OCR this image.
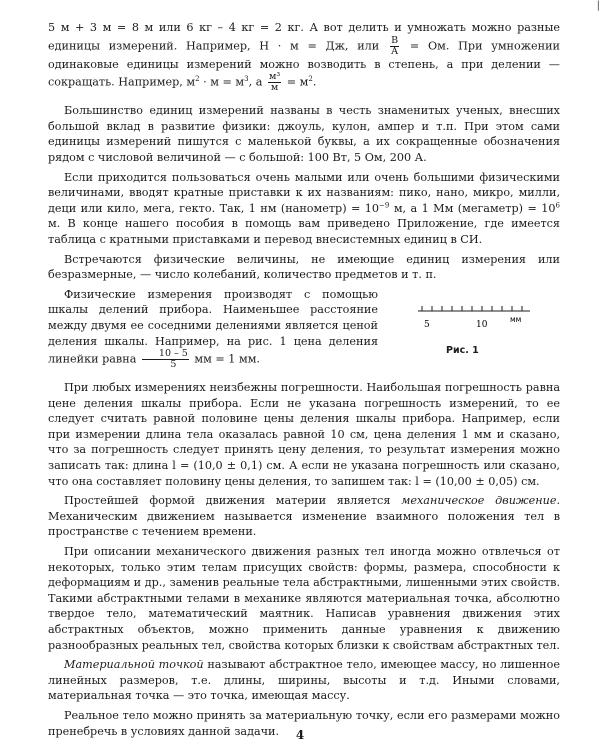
|

5 м + 3 м = 8 м или 6 кг – 4 кг = 2 кг. А вот делить и умножать можно разные единицы измерений. Например, Н · м = Дж, или $\frac{В}{А}$ = Ом. При умножении одинаковые единицы измерений можно возводить в степень, а при делении — сокращать. Например, $м^2 \cdot м = м^3$, а $\frac{\text{м³}}{м} = м^2$.

Большинство единиц измерений названы в честь знаменитых ученых, внесших большой вклад в развитие физики: джоуль, кулон, ампер и т.п. При этом сами единицы измерений пишутся с маленькой буквы, а их сокращенные обозначения рядом с числовой величиной — с большой: 100 Вт, 5 Ом, 200 А.

Если приходится пользоваться очень малыми или очень большими физическими величинами, вводят кратные приставки к их названиям: пико, нано, микро, милли, деци или кило, мега, гекто. Так, 1 нм (нанометр) = $10^{-9}$ м, а 1 Мм (мегаметр) = $10^6$ м. В конце нашего пособия в помощь вам приведено Приложение, где имеется таблица с кратными приставками и перевод внесистемных единиц в СИ.

Встречаются физические величины, не имеющие единиц измерения или безразмерные, — число колебаний, количество предметов и т. п.

Физические измерения производят с помощью шкалы делений прибора. Наименьшее расстояние между двумя ее соседними делениями является ценой деления шкалы. Например, на рис. 1 цена деления линейки равна $\frac{10 - 5}{5}$ мм = 1 мм.

5	10
мм
Рис. 1

При любых измерениях неизбежны погрешности. Наибольшая погрешность равна цене деления шкалы прибора. Если не указана погрешность измерений, то ее следует считать равной половине цены деления шкалы прибора. Например, если при измерении длина тела оказалась равной 10 см, цена деления 1 мм и сказано, что за погрешность следует принять цену деления, то результат измерения можно записать так: длина l = (10,0 ± 0,1) см. А если не указана погрешность или сказано, что она составляет половину цены деления, то запишем так: l = (10,00 ± 0,05) см.

Простейшей формой движения материи является механическое движение. Механическим движением называется изменение взаимного положения тел в пространстве с течением времени.

При описании механического движения разных тел иногда можно отвлечься от некоторых, только этим телам присущих свойств: формы, размера, способности к деформациям и др., заменив реальные тела абстрактными, лишенными этих свойств. Такими абстрактными телами в механике являются материальная точка, абсолютно твердое тело, математический маятник. Написав уравнения движения этих абстрактных объектов, можно применить данные уравнения к движению разнообразных реальных тел, свойства которых близки к свойствам абстрактных тел.

Материальной точкой называют абстрактное тело, имеющее массу, но лишенное линейных размеров, т.е. длины, ширины, высоты и т.д. Иными словами, материальная точка — это точка, имеющая массу.

Реальное тело можно принять за материальную точку, если его размерами можно пренебречь в условиях данной задачи.	4
